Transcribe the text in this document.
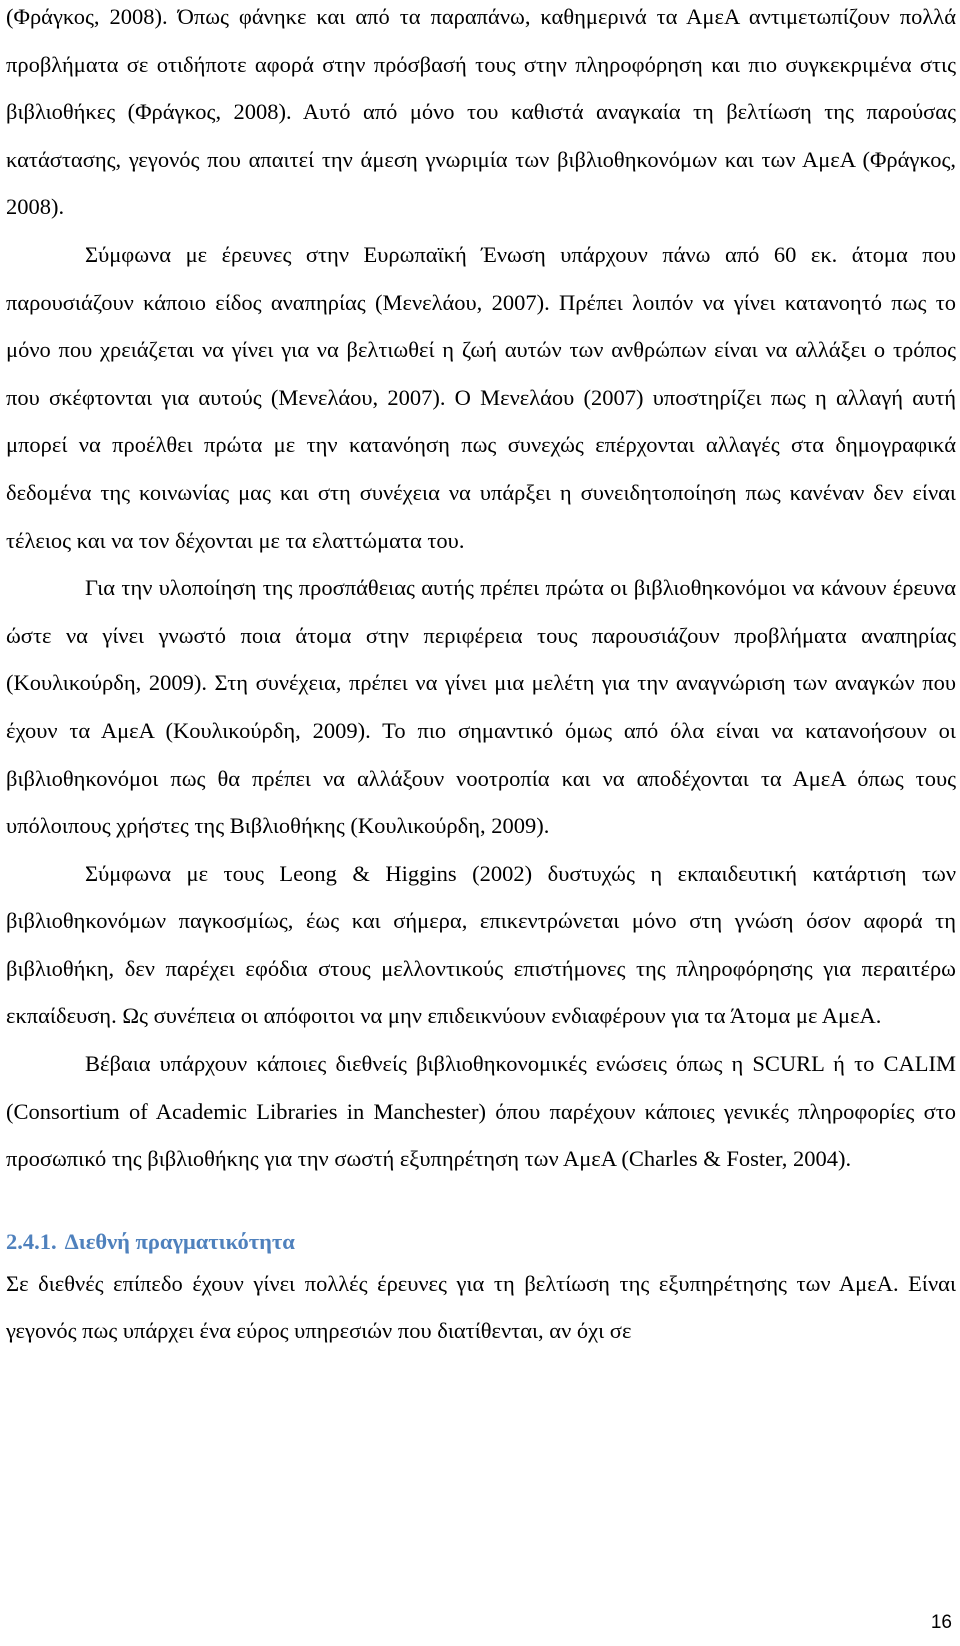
(Φράγκος, 2008). Όπως φάνηκε και από τα παραπάνω, καθημερινά τα ΑμεΑ αντιμετωπίζουν πολλά προβλήματα σε οτιδήποτε αφορά στην πρόσβασή τους στην πληροφόρηση και πιο συγκεκριμένα στις βιβλιοθήκες (Φράγκος, 2008). Αυτό από μόνο του καθιστά αναγκαία τη βελτίωση της παρούσας κατάστασης, γεγονός που απαιτεί την άμεση γνωριμία των βιβλιοθηκονόμων και των ΑμεΑ (Φράγκος, 2008).

Σύμφωνα με έρευνες στην Ευρωπαϊκή Ένωση υπάρχουν πάνω από 60 εκ. άτομα που παρουσιάζουν κάποιο είδος αναπηρίας (Μενελάου, 2007). Πρέπει λοιπόν να γίνει κατανοητό πως το μόνο που χρειάζεται να γίνει για να βελτιωθεί η ζωή αυτών των ανθρώπων είναι να αλλάξει ο τρόπος που σκέφτονται για αυτούς (Μενελάου, 2007). Ο Μενελάου (2007) υποστηρίζει πως η αλλαγή αυτή μπορεί να προέλθει πρώτα με την κατανόηση πως συνεχώς επέρχονται αλλαγές στα δημογραφικά δεδομένα της κοινωνίας μας και στη συνέχεια να υπάρξει η συνειδητοποίηση πως κανέναν δεν είναι τέλειος και να τον δέχονται με τα ελαττώματα του.

Για την υλοποίηση της προσπάθειας αυτής πρέπει πρώτα οι βιβλιοθηκονόμοι να κάνουν έρευνα ώστε να γίνει γνωστό ποια άτομα στην περιφέρεια τους παρουσιάζουν προβλήματα αναπηρίας (Κουλικούρδη, 2009). Στη συνέχεια, πρέπει να γίνει μια μελέτη για την αναγνώριση των αναγκών που έχουν τα ΑμεΑ (Κουλικούρδη, 2009). Το πιο σημαντικό όμως από όλα είναι να κατανοήσουν οι βιβλιοθηκονόμοι πως θα πρέπει να αλλάξουν νοοτροπία και να αποδέχονται τα ΑμεΑ όπως τους υπόλοιπους χρήστες της Βιβλιοθήκης (Κουλικούρδη, 2009).

Σύμφωνα με τους Leong & Higgins (2002) δυστυχώς η εκπαιδευτική κατάρτιση των βιβλιοθηκονόμων παγκοσμίως, έως και σήμερα, επικεντρώνεται μόνο στη γνώση όσον αφορά τη βιβλιοθήκη, δεν παρέχει εφόδια στους μελλοντικούς επιστήμονες της πληροφόρησης για περαιτέρω εκπαίδευση. Ως συνέπεια οι απόφοιτοι να μην επιδεικνύουν ενδιαφέρουν για τα Άτομα με ΑμεΑ.

Βέβαια υπάρχουν κάποιες διεθνείς βιβλιοθηκονομικές ενώσεις όπως η SCURL ή το CALIM (Consortium of Academic Libraries in Manchester) όπου παρέχουν κάποιες γενικές πληροφορίες στο προσωπικό της βιβλιοθήκης για την σωστή εξυπηρέτηση των ΑμεΑ (Charles & Foster, 2004).

2.4.1. Διεθνή πραγματικότητα

Σε διεθνές επίπεδο έχουν γίνει πολλές έρευνες για τη βελτίωση της εξυπηρέτησης των ΑμεΑ. Είναι γεγονός πως υπάρχει ένα εύρος υπηρεσιών που διατίθενται, αν όχι σε

16
